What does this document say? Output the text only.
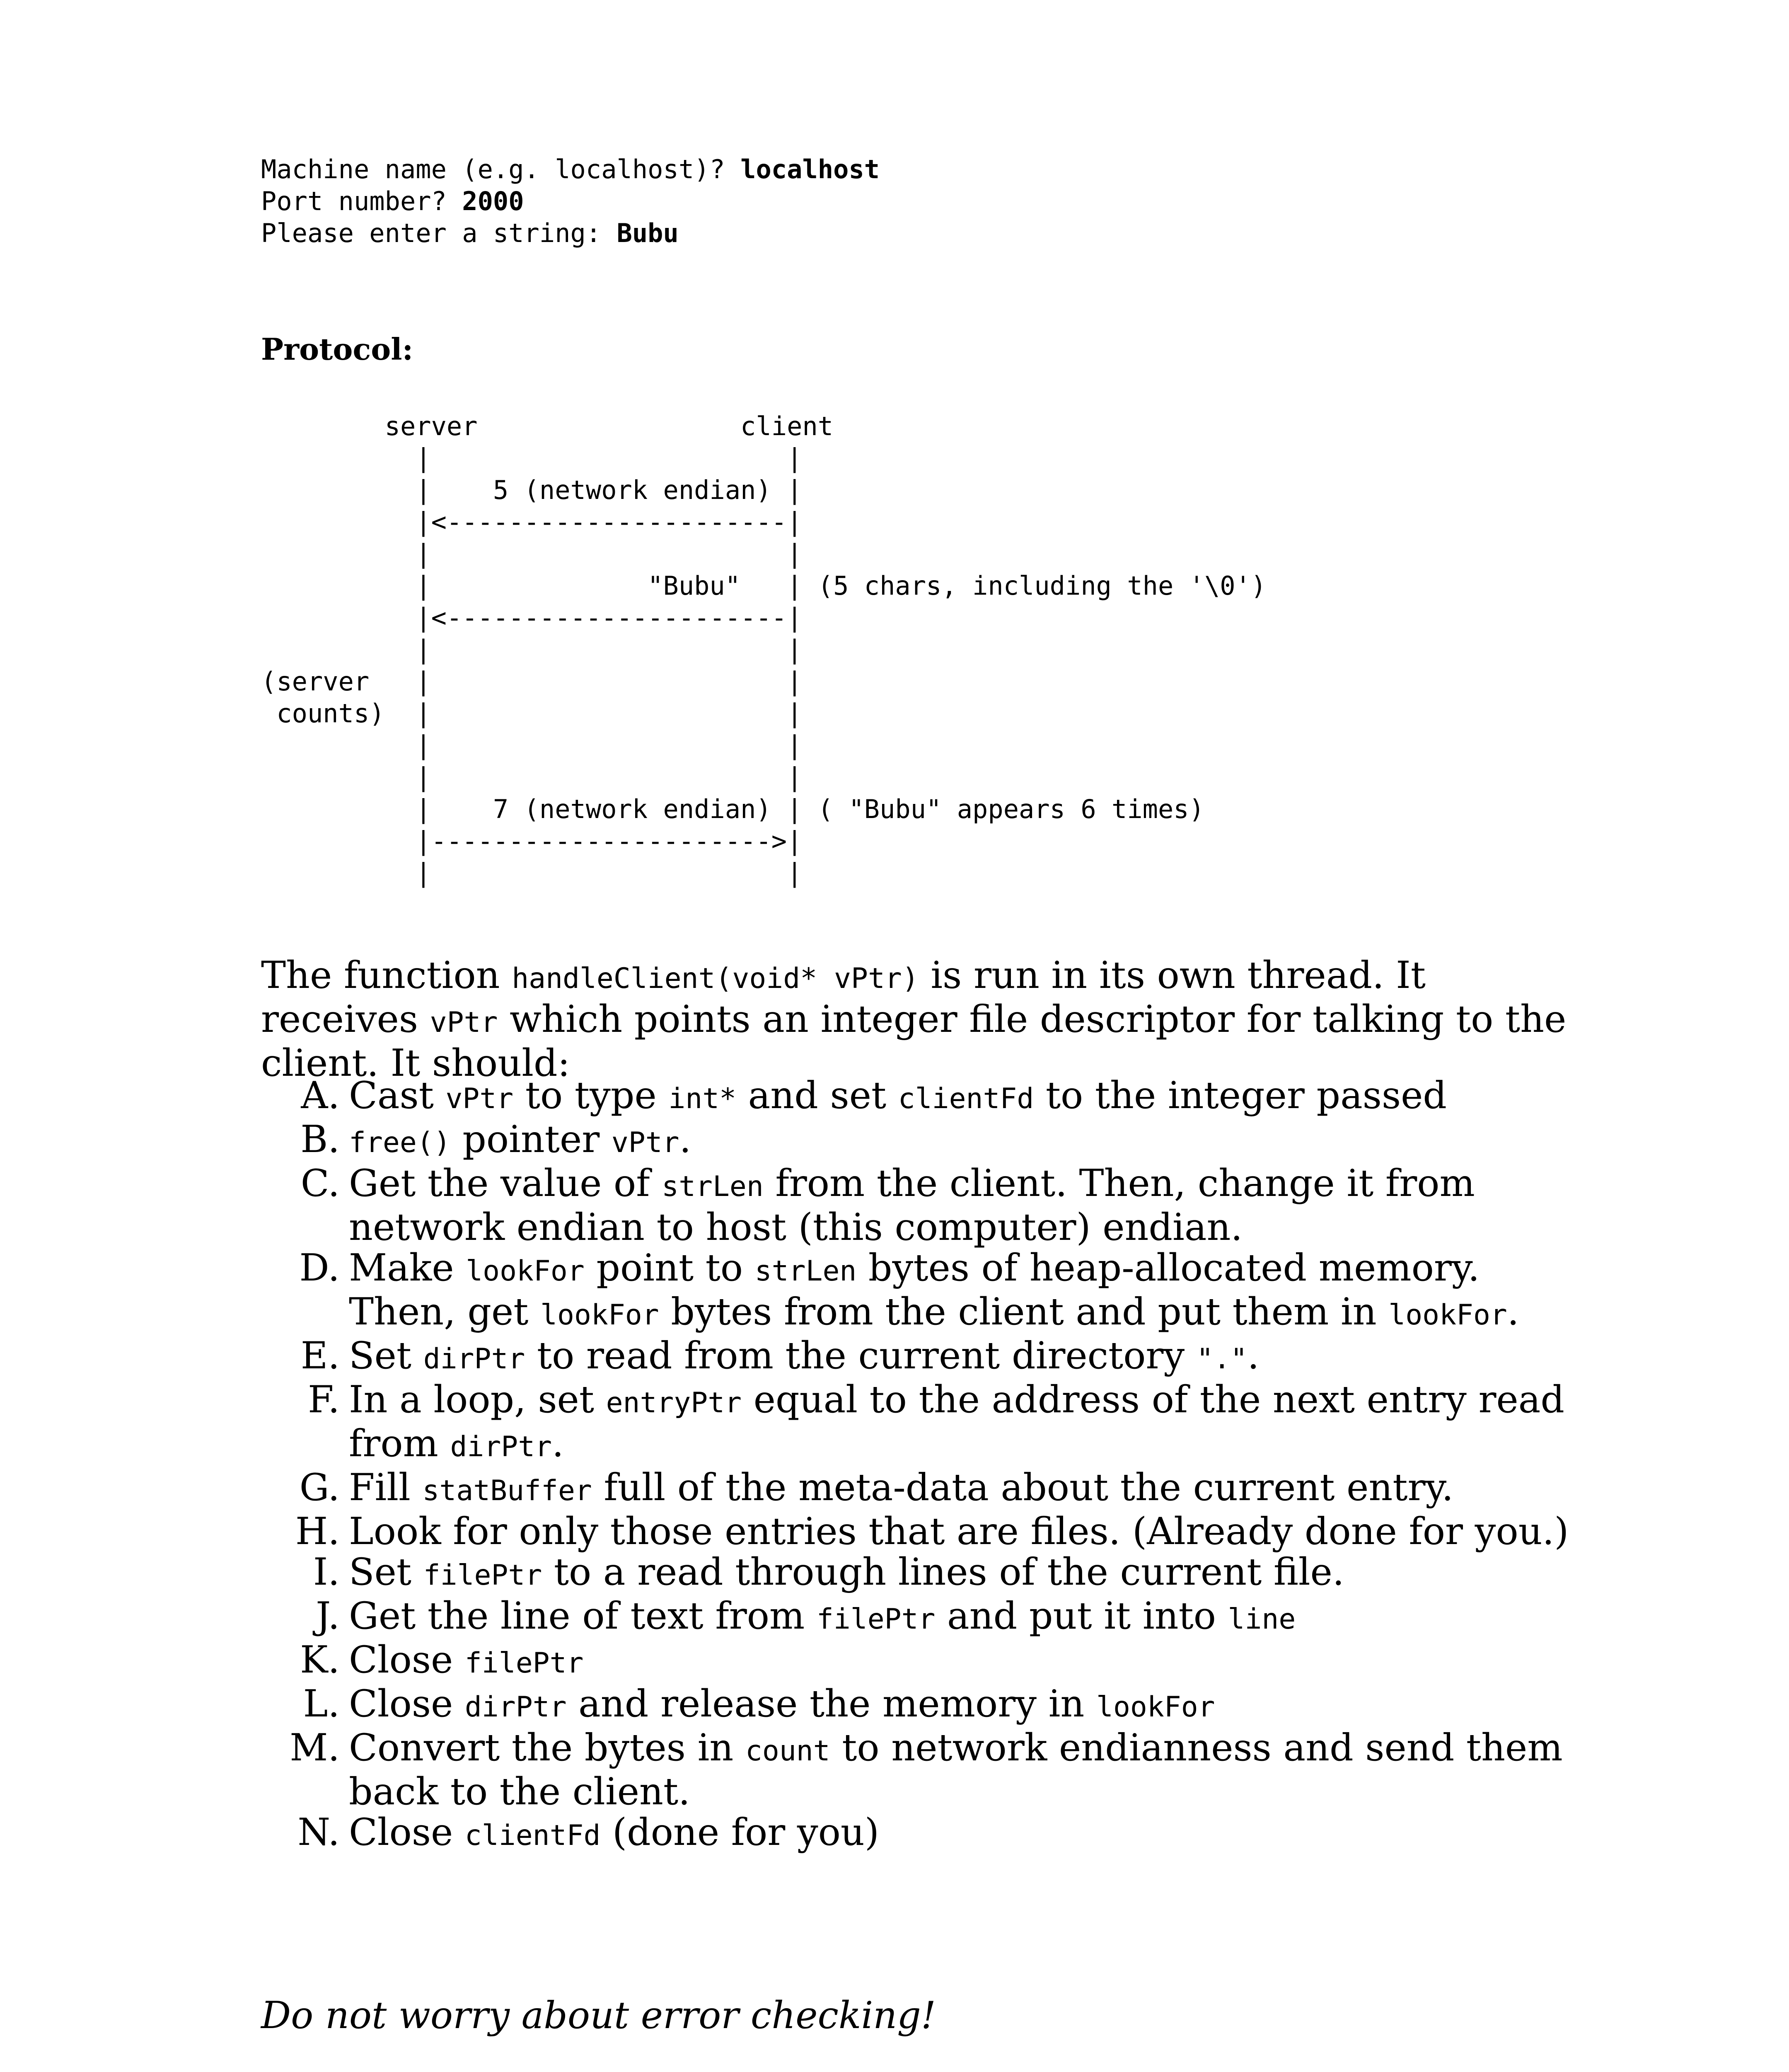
Machine name (e.g. localhost)? localhost
Port number? 2000
Please enter a string: Bubu

Protocol:

server                 client
|                       |
|    5 (network endian) |
|<----------------------|
|                       |
|              "Bubu"   | (5 chars, including the '\0')
|<----------------------|
|                       |
(server   |                       |
counts)  |                       |
|                       |
|                       |
|    7 (network endian) | ( "Bubu" appears 6 times)
|---------------------->|
|                       |

The function handleClient(void* vPtr) is run in its own thread. It receives vPtr which points an integer file descriptor for talking to the client. It should:

A. Cast vPtr to type int* and set clientFd to the integer passed
B. free() pointer vPtr.
C. Get the value of strLen from the client. Then, change it from network endian to host (this computer) endian.
D. Make lookFor point to strLen bytes of heap-allocated memory. Then, get lookFor bytes from the client and put them in lookFor.
E. Set dirPtr to read from the current directory ".".
F. In a loop, set entryPtr equal to the address of the next entry read from dirPtr.
G. Fill statBuffer full of the meta-data about the current entry.
H. Look for only those entries that are files. (Already done for you.)
I. Set filePtr to a read through lines of the current file.
J. Get the line of text from filePtr and put it into line
K. Close filePtr
L. Close dirPtr and release the memory in lookFor
M. Convert the bytes in count to network endianness and send them back to the client.
N. Close clientFd (done for you)

Do not worry about error checking!
